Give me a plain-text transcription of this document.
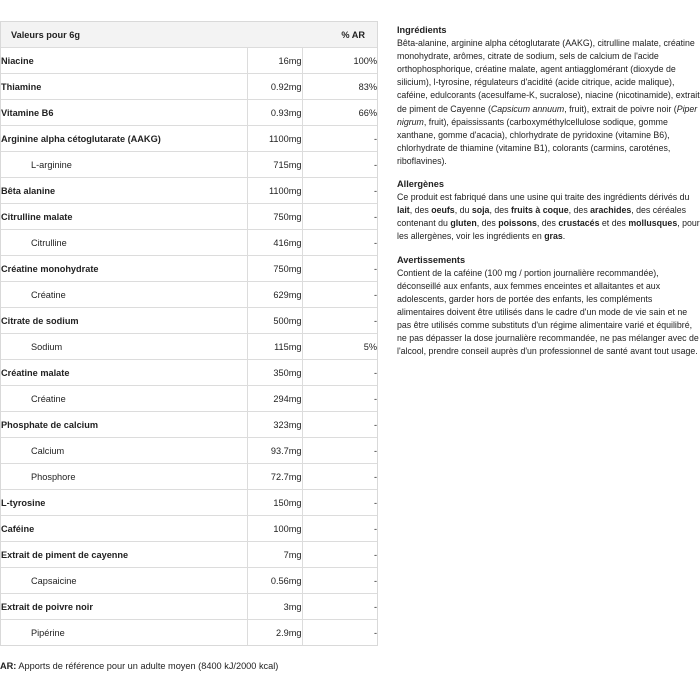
Valeurs pour 6g		% AR
Niacine	16mg	100%
Thiamine	0.92mg	83%
Vitamine B6	0.93mg	66%
Arginine alpha cétoglutarate (AAKG)	1100mg	-
L-arginine	715mg	-
Bêta alanine	1100mg	-
Citrulline malate	750mg	-
Citrulline	416mg	-
Créatine monohydrate	750mg	-
Créatine	629mg	-
Citrate de sodium	500mg	-
Sodium	115mg	5%
Créatine malate	350mg	-
Créatine	294mg	-
Phosphate de calcium	323mg	-
Calcium	93.7mg	-
Phosphore	72.7mg	-
L-tyrosine	150mg	-
Caféine	100mg	-
Extrait de piment de cayenne	7mg	-
Capsaicine	0.56mg	-
Extrait de poivre noir	3mg	-
Pipérine	2.9mg	-
AR: Apports de référence pour un adulte moyen (8400 kJ/2000 kcal)
Ingrédients

Bêta-alanine, arginine alpha cétoglutarate (AAKG), citrulline malate, créatine monohydrate, arômes, citrate de sodium, sels de calcium de l'acide orthophosphorique, créatine malate, agent antiagglomérant (dioxyde de silicium), l-tyrosine, régulateurs d'acidité (acide citrique, acide malique), caféine, edulcorants (acesulfame-K, sucralose), niacine (nicotinamide), extrait de piment de Cayenne (Capsicum annuum, fruit), extrait de poivre noir (Piper nigrum, fruit), épaississants (carboxyméthylcellulose sodique, gomme xanthane, gomme d'acacia), chlorhydrate de pyridoxine (vitamine B6), chlorhydrate de thiamine (vitamine B1), colorants (carmins, caroténes, riboflavines).

Allergènes

Ce produit est fabriqué dans une usine qui traite des ingrédients dérivés du lait, des oeufs, du soja, des fruits à coque, des arachides, des céréales contenant du gluten, des poissons, des crustacés et des mollusques, pour les allergènes, voir les ingrédients en gras.

Avertissements

Contient de la caféine (100 mg / portion journalière recommandée), déconseillé aux enfants, aux femmes enceintes et allaitantes et aux adolescents, garder hors de portée des enfants, les compléments alimentaires doivent être utilisés dans le cadre d'un mode de vie sain et ne pas être utilisés comme substituts d'un régime alimentaire varié et équilibré, ne pas dépasser la dose journalière recommandée, ne pas mélanger avec de l'alcool, prendre conseil auprès d'un professionnel de santé avant tout usage.
